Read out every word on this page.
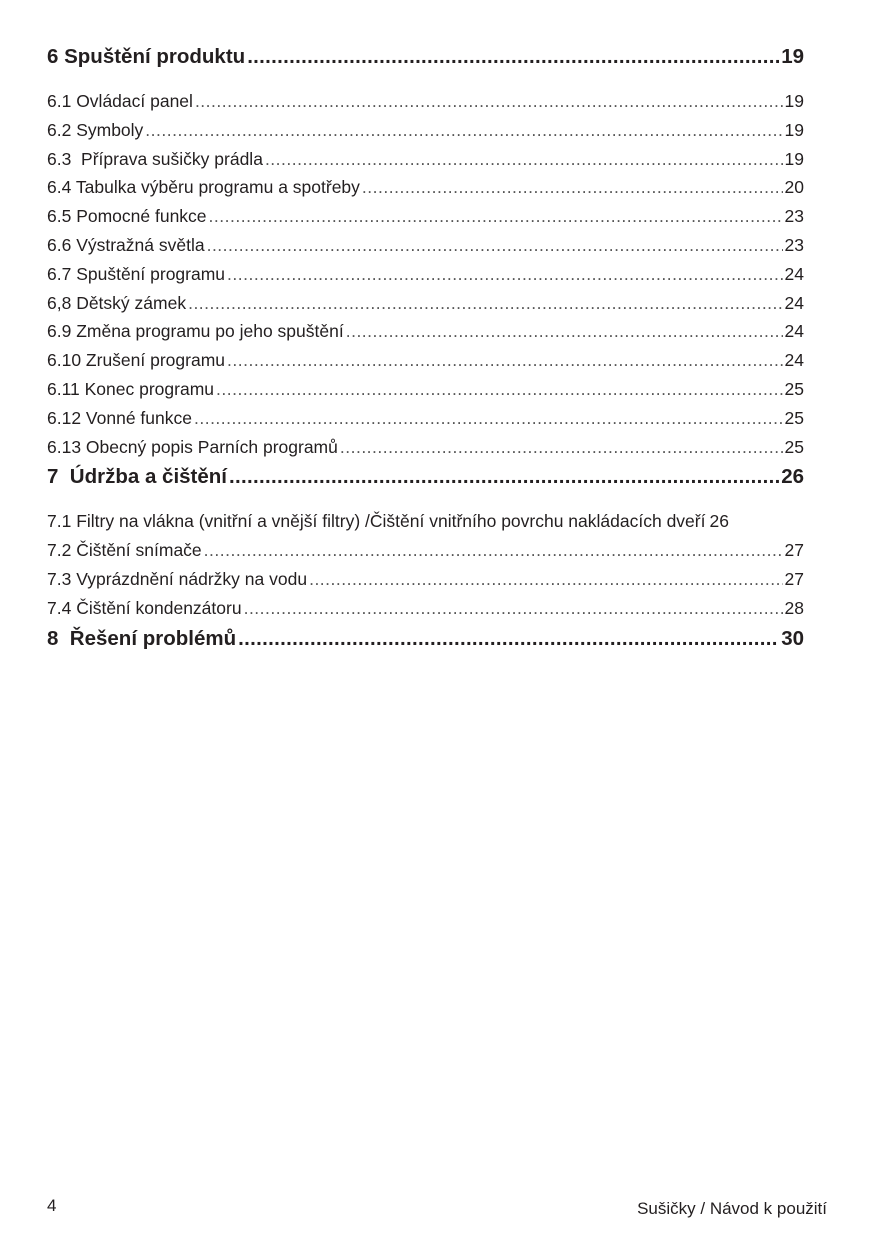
6 Spuštění produktu .....	19
6.1 Ovládací panel .....	19
6.2 Symboly .....	19
6.3  Příprava sušičky prádla .....	19
6.4 Tabulka výběru programu a spotřeby .....	20
6.5 Pomocné funkce .....	23
6.6 Výstražná světla .....	23
6.7 Spuštění programu .....	24
6,8 Dětský zámek .....	24
6.9 Změna programu po jeho spuštění .....	24
6.10 Zrušení programu .....	24
6.11 Konec programu .....	25
6.12 Vonné funkce .....	25
6.13 Obecný popis Parních programů .....	25
7  Údržba a čištění .....	26
7.1 Filtry na vlákna (vnitřní a vnější filtry) /Čištění vnitřního povrchu nakládacích dveří 26
7.2 Čištění snímače .....	27
7.3 Vyprázdnění nádržky na vodu .....	27
7.4 Čištění kondenzátoru .....	28
8  Řešení problémů .....	30
4	Sušičky / Návod k použití
